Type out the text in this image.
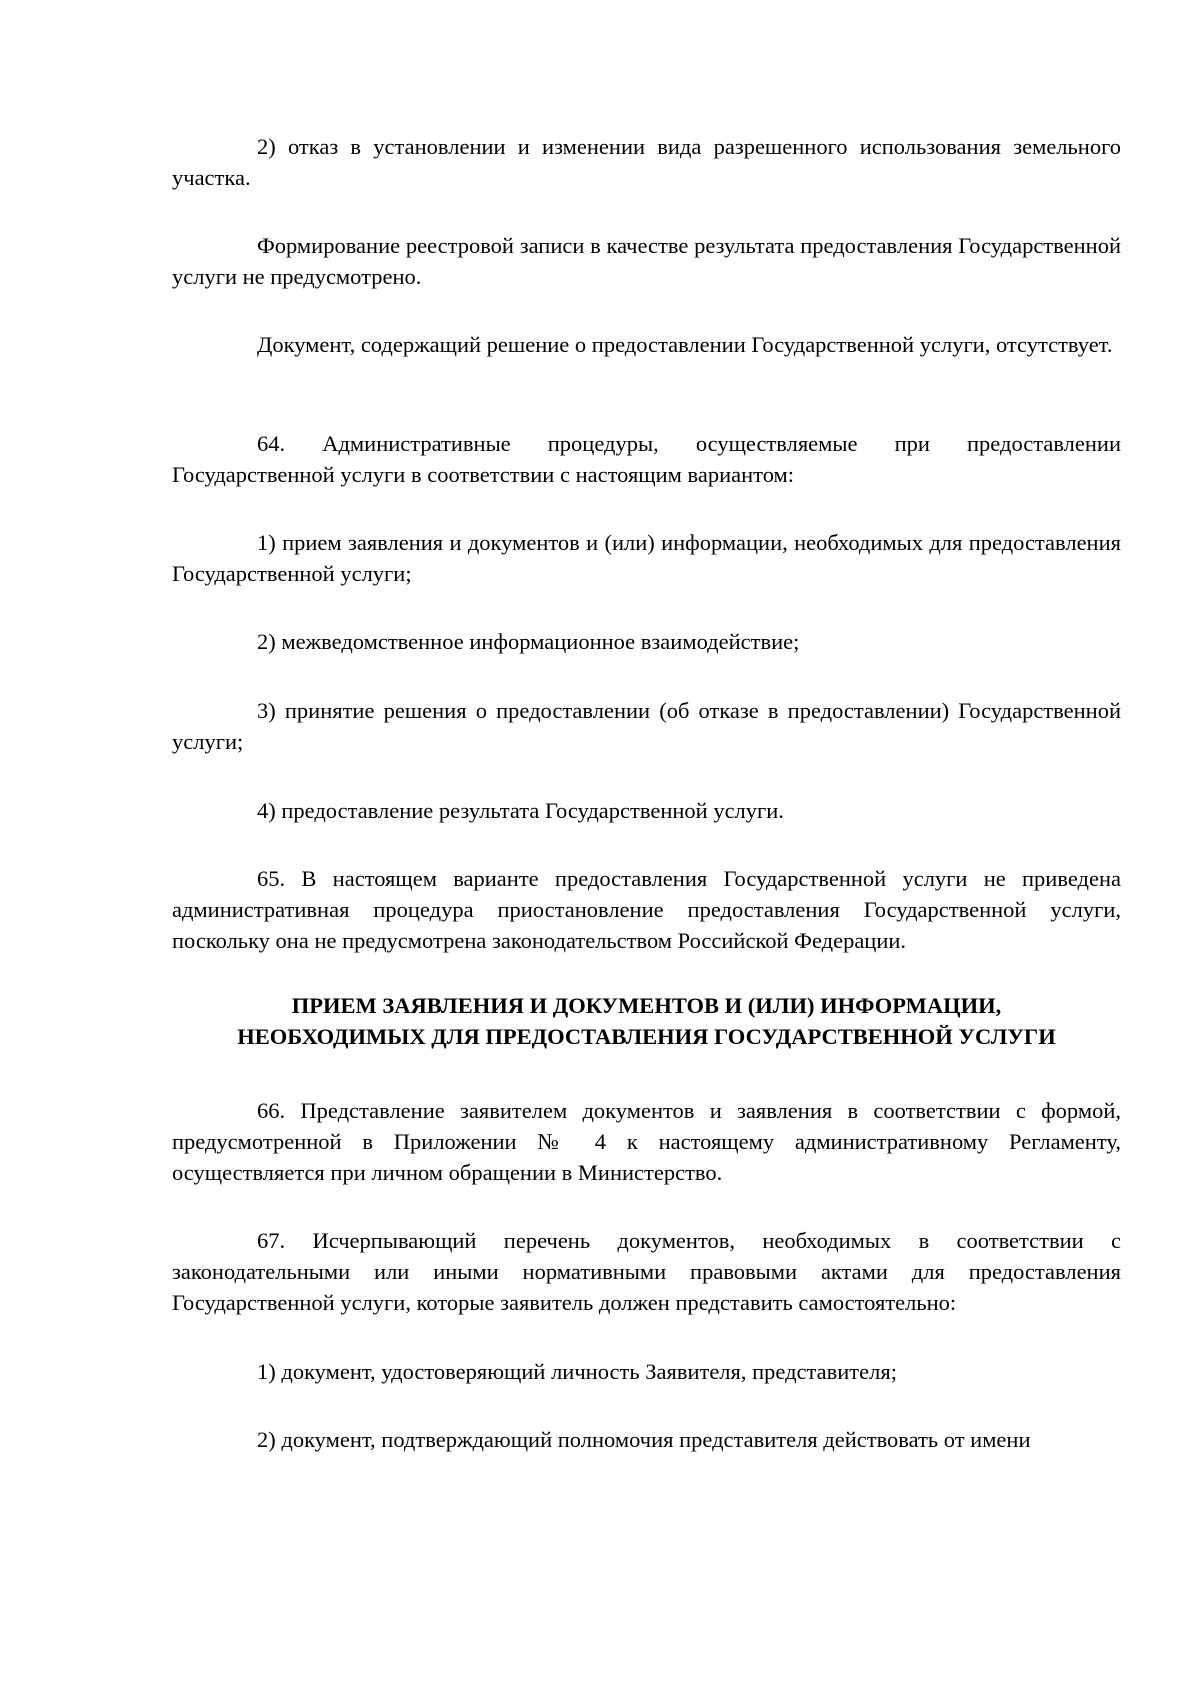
2) отказ в установлении и изменении вида разрешенного использования земельного участка.

Формирование реестровой записи в качестве результата предоставления Государственной услуги не предусмотрено.

Документ, содержащий решение о предоставлении Государственной услуги, отсутствует.

64. Административные процедуры, осуществляемые при предоставлении Государственной услуги в соответствии с настоящим вариантом:

1) прием заявления и документов и (или) информации, необходимых для предоставления Государственной услуги;

2) межведомственное информационное взаимодействие;

3) принятие решения о предоставлении (об отказе в предоставлении) Государственной услуги;

4) предоставление результата Государственной услуги.

65. В настоящем варианте предоставления Государственной услуги не приведена административная процедура приостановление предоставления Государственной услуги, поскольку она не предусмотрена законодательством Российской Федерации.

ПРИЕМ ЗАЯВЛЕНИЯ И ДОКУМЕНТОВ И (ИЛИ) ИНФОРМАЦИИ,
НЕОБХОДИМЫХ ДЛЯ ПРЕДОСТАВЛЕНИЯ ГОСУДАРСТВЕННОЙ УСЛУГИ

66. Представление заявителем документов и заявления в соответствии с формой, предусмотренной в Приложении № 4 к настоящему административному Регламенту, осуществляется при личном обращении в Министерство.

67. Исчерпывающий перечень документов, необходимых в соответствии с законодательными или иными нормативными правовыми актами для предоставления Государственной услуги, которые заявитель должен представить самостоятельно:

1) документ, удостоверяющий личность Заявителя, представителя;

2) документ, подтверждающий полномочия представителя действовать от имени
